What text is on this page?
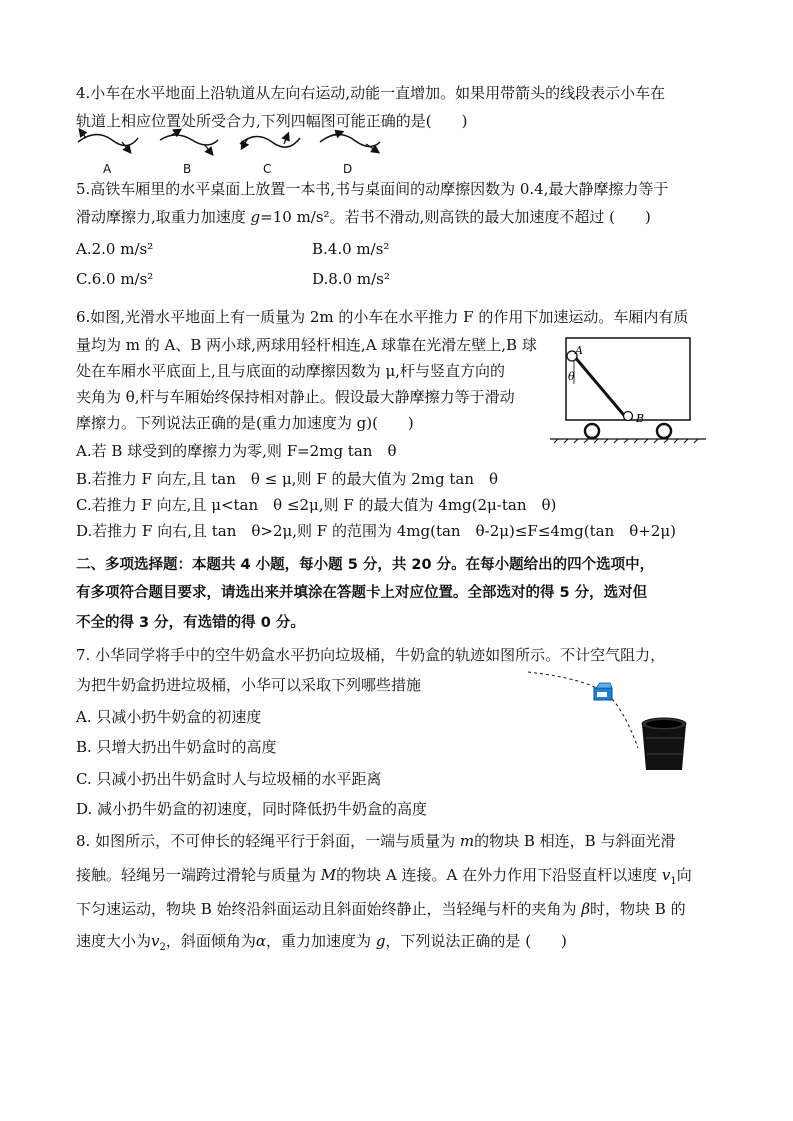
4.小车在水平地面上沿轨道从左向右运动,动能一直增加。如果用带箭头的线段表示小车在
轨道上相应位置处所受合力,下列四幅图可能正确的是(　　)
A	B	C	D
5.高铁车厢里的水平桌面上放置一本书,书与桌面间的动摩擦因数为 0.4,最大静摩擦力等于
滑动摩擦力,取重力加速度 g=10 m/s²。若书不滑动,则高铁的最大加速度不超过 (　　)
A.2.0 m/s²	B.4.0 m/s²
C.6.0 m/s²	D.8.0 m/s²
6.如图,光滑水平地面上有一质量为 2m 的小车在水平推力 F 的作用下加速运动。车厢内有质
量均为 m 的 A、B 两小球,两球用轻杆相连,A 球靠在光滑左壁上,B 球
处在车厢水平底面上,且与底面的动摩擦因数为 μ,杆与竖直方向的
夹角为 θ,杆与车厢始终保持相对静止。假设最大静摩擦力等于滑动
摩擦力。下列说法正确的是(重力加速度为 g)(　　)
A
B
θ
A.若 B 球受到的摩擦力为零,则 F=2mg tan　θ
B.若推力 F 向左,且 tan　θ ≤ μ,则 F 的最大值为 2mg tan　θ
C.若推力 F 向左,且 μ<tan　θ ≤2μ,则 F 的最大值为 4mg(2μ-tan　θ)
D.若推力 F 向右,且 tan　θ>2μ,则 F 的范围为 4mg(tan　θ-2μ)≤F≤4mg(tan　θ+2μ)
二、多项选择题：本题共 4 小题，每小题 5 分，共 20 分。在每小题给出的四个选项中，
有多项符合题目要求，请选出来并填涂在答题卡上对应位置。全部选对的得 5 分，选对但
不全的得 3 分，有选错的得 0 分。
7. 小华同学将手中的空牛奶盒水平扔向垃圾桶，牛奶盒的轨迹如图所示。不计空气阻力，
为把牛奶盒扔进垃圾桶，小华可以采取下列哪些措施
A. 只减小扔牛奶盒的初速度
B. 只增大扔出牛奶盒时的高度
C. 只减小扔出牛奶盒时人与垃圾桶的水平距离
D. 减小扔牛奶盒的初速度，同时降低扔牛奶盒的高度
8. 如图所示，不可伸长的轻绳平行于斜面，一端与质量为 m的物块 B 相连，B 与斜面光滑
接触。轻绳另一端跨过滑轮与质量为 M的物块 A 连接。A 在外力作用下沿竖直杆以速度 $v_1$向
下匀速运动，物块 B 始终沿斜面运动且斜面始终静止，当轻绳与杆的夹角为 β时，物块 B 的
速度大小为$v_2$，斜面倾角为α，重力加速度为 g，下列说法正确的是 (　　)
